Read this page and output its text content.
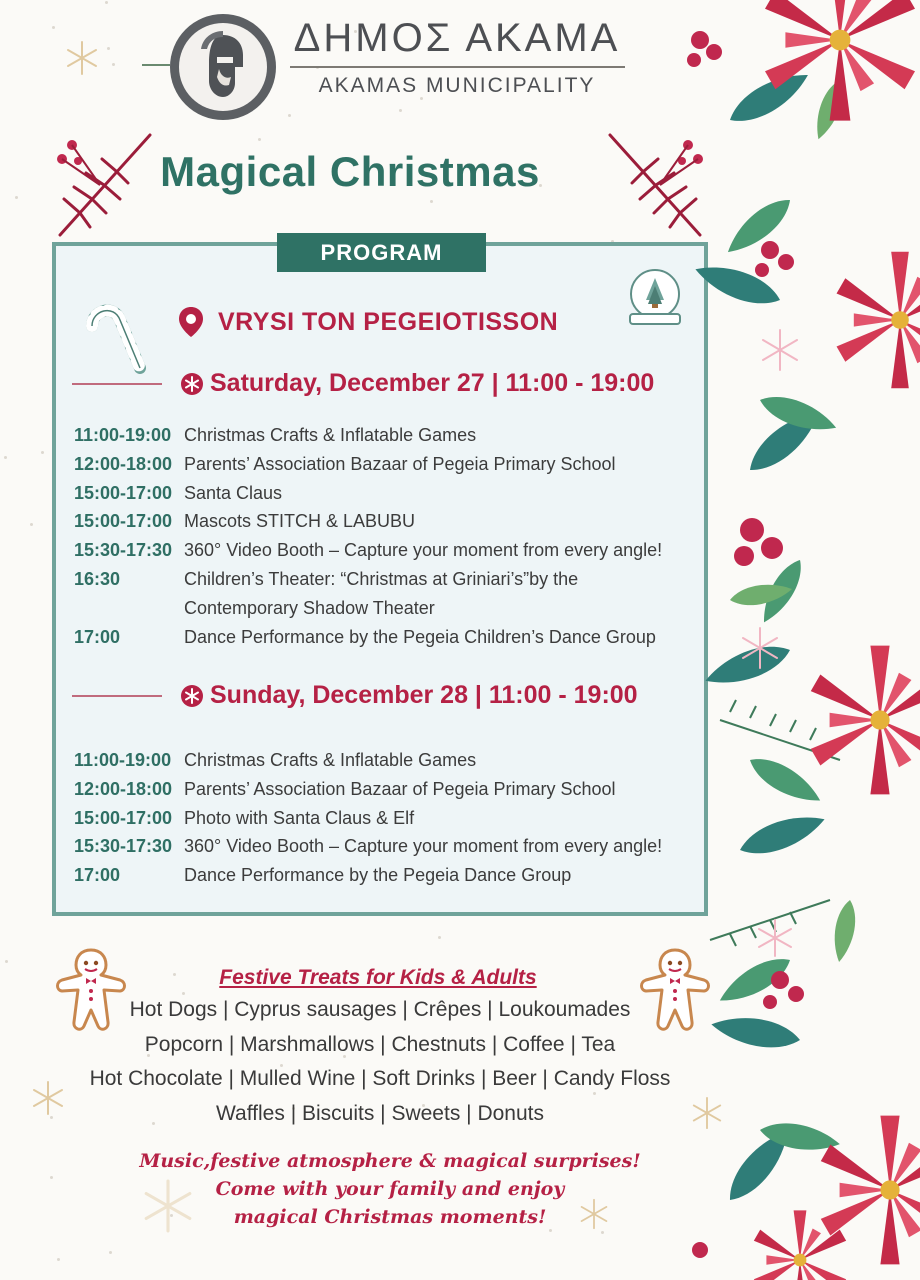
ΔΗΜΟΣ ΑΚΑΜΑ
AKAMAS MUNICIPALITY
Magical Christmas
PROGRAM
VRYSI TON PEGEIOTISSON
Saturday, December 27 | 11:00 - 19:00
11:00-19:00 Christmas Crafts & Inflatable Games
12:00-18:00 Parents’ Association Bazaar of Pegeia Primary School
15:00-17:00 Santa Claus
15:00-17:00 Mascots STITCH & LABUBU
15:30-17:30 360° Video Booth – Capture your moment from every angle!
16:30	Children’s Theater: “Christmas at Griniari’s”by the
Contemporary Shadow Theater
17:00	Dance Performance by the Pegeia Children’s Dance Group
Sunday, December 28 | 11:00 - 19:00
11:00-19:00 Christmas Crafts & Inflatable Games
12:00-18:00 Parents’ Association Bazaar of Pegeia Primary School
15:00-17:00 Photo with Santa Claus & Elf
15:30-17:30 360° Video Booth – Capture your moment from every angle!
17:00	Dance Performance by the Pegeia Dance Group
Festive Treats for Kids & Adults
Hot Dogs | Cyprus sausages | Crêpes | Loukoumades
Popcorn | Marshmallows | Chestnuts | Coffee | Tea
Hot Chocolate | Mulled Wine | Soft Drinks | Beer | Candy Floss
Waffles | Biscuits | Sweets | Donuts
Music,festive atmosphere & magical surprises!
Come with your family and enjoy
magical Christmas moments!
